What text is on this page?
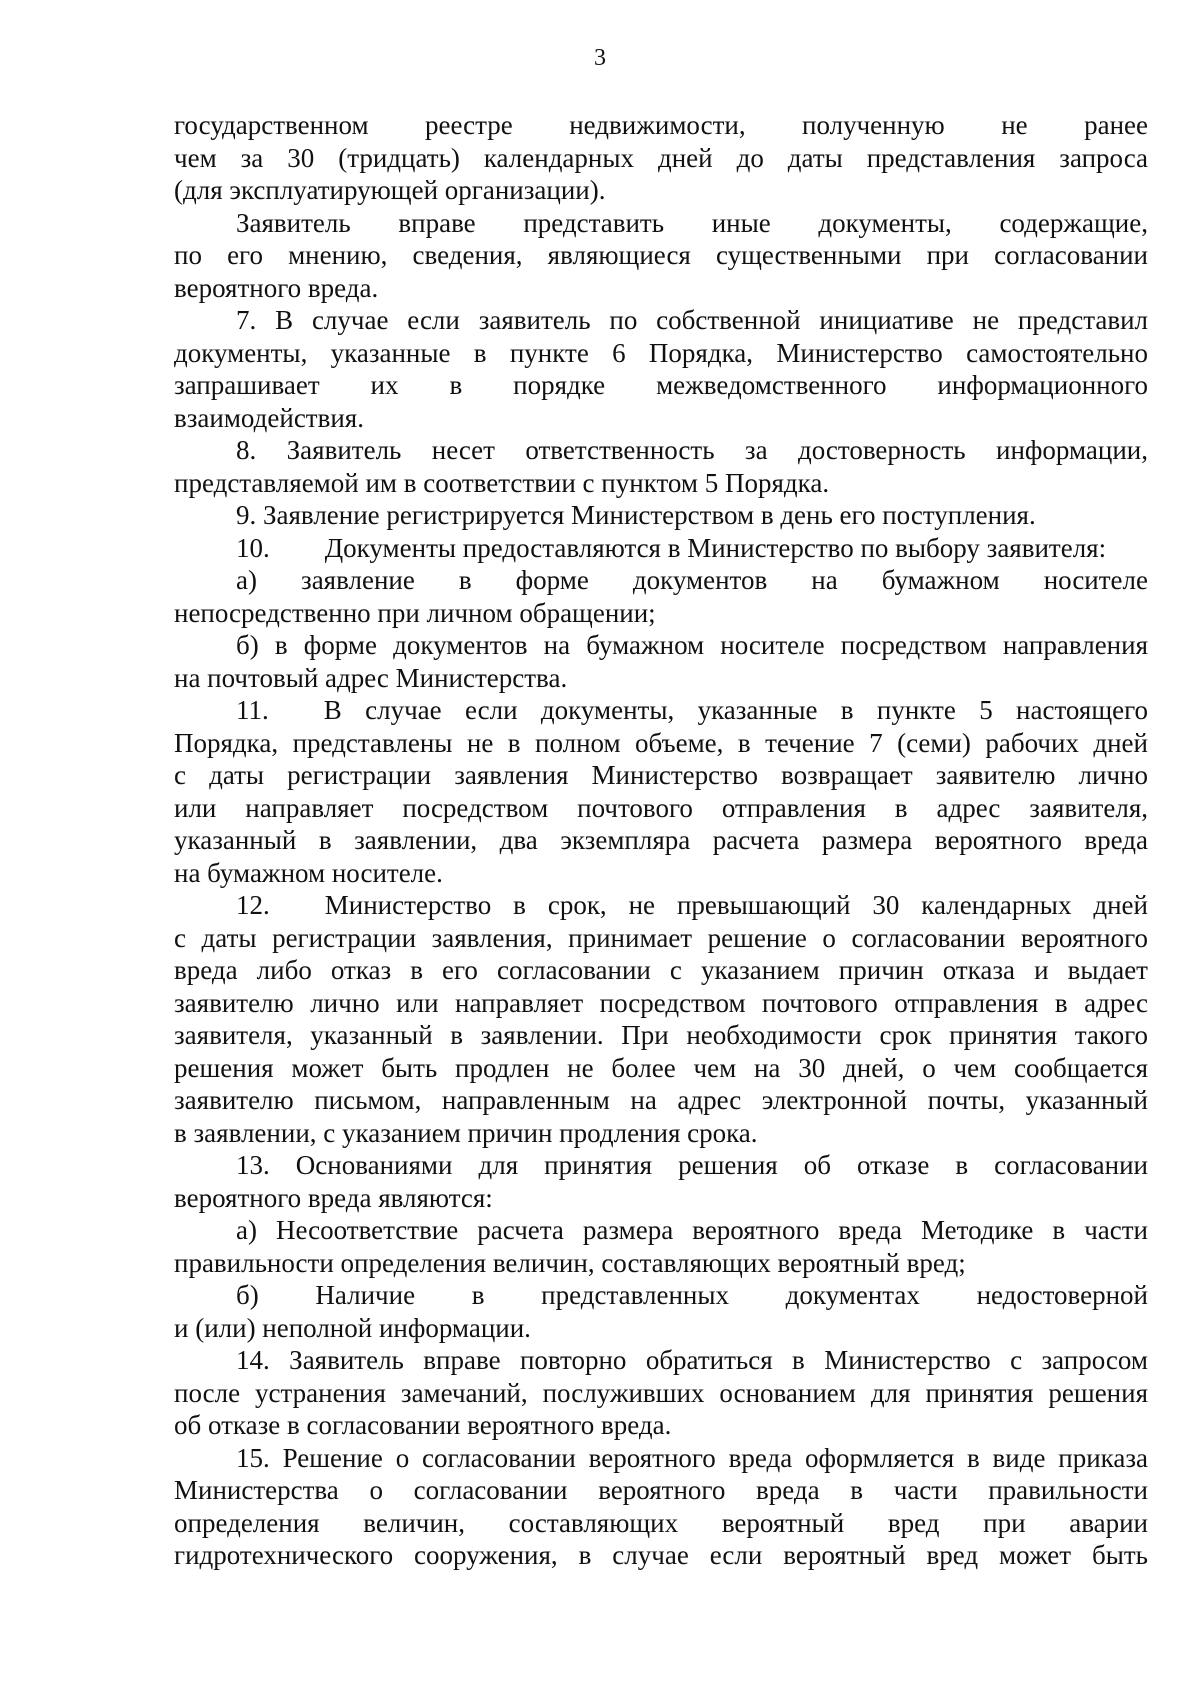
3
государственном реестре недвижимости, полученную не ранее
чем за 30 (тридцать) календарных дней до даты представления запроса
(для эксплуатирующей организации).
Заявитель вправе представить иные документы, содержащие,
по его мнению, сведения, являющиеся существенными при согласовании
вероятного вреда.
7. В случае если заявитель по собственной инициативе не представил
документы, указанные в пункте 6 Порядка, Министерство самостоятельно
запрашивает их в порядке межведомственного информационного
взаимодействия.
8. Заявитель несет ответственность за достоверность информации,
представляемой им в соответствии с пунктом 5 Порядка.
9. Заявление регистрируется Министерством в день его поступления.
10. Документы предоставляются в Министерство по выбору заявителя:
а) заявление в форме документов на бумажном носителе
непосредственно при личном обращении;
б) в форме документов на бумажном носителе посредством направления
на почтовый адрес Министерства.
11. В случае если документы, указанные в пункте 5 настоящего
Порядка, представлены не в полном объеме, в течение 7 (семи) рабочих дней
с даты регистрации заявления Министерство возвращает заявителю лично
или направляет посредством почтового отправления в адрес заявителя,
указанный в заявлении, два экземпляра расчета размера вероятного вреда
на бумажном носителе.
12. Министерство в срок, не превышающий 30 календарных дней
с даты регистрации заявления, принимает решение о согласовании вероятного
вреда либо отказ в его согласовании с указанием причин отказа и выдает
заявителю лично или направляет посредством почтового отправления в адрес
заявителя, указанный в заявлении. При необходимости срок принятия такого
решения может быть продлен не более чем на 30 дней, о чем сообщается
заявителю письмом, направленным на адрес электронной почты, указанный
в заявлении, с указанием причин продления срока.
13. Основаниями для принятия решения об отказе в согласовании
вероятного вреда являются:
а) Несоответствие расчета размера вероятного вреда Методике в части
правильности определения величин, составляющих вероятный вред;
б) Наличие в представленных документах недостоверной
и (или) неполной информации.
14. Заявитель вправе повторно обратиться в Министерство с запросом
после устранения замечаний, послуживших основанием для принятия решения
об отказе в согласовании вероятного вреда.
15. Решение о согласовании вероятного вреда оформляется в виде приказа
Министерства о согласовании вероятного вреда в части правильности
определения величин, составляющих вероятный вред при аварии
гидротехнического сооружения, в случае если вероятный вред может быть
